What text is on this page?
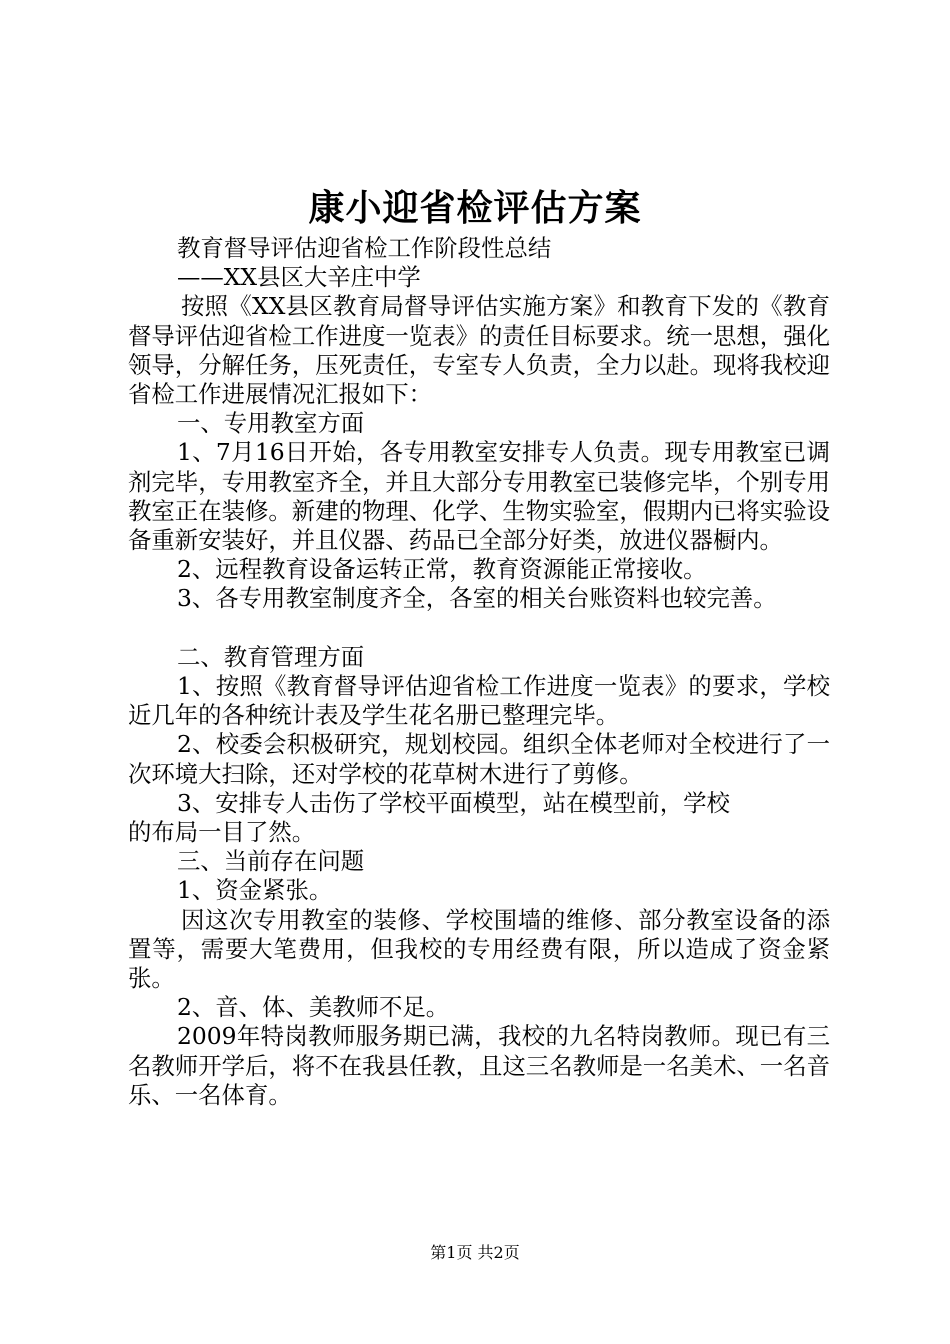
康小迎省检评估方案

教育督导评估迎省检工作阶段性总结

——XX县区大辛庄中学

按照《XX县区教育局督导评估实施方案》和教育下发的《教育督导评估迎省检工作进度一览表》的责任目标要求。统一思想，强化领导，分解任务，压死责任，专室专人负责，全力以赴。现将我校迎省检工作进展情况汇报如下：

一、专用教室方面

1、7月16日开始，各专用教室安排专人负责。现专用教室已调剂完毕，专用教室齐全，并且大部分专用教室已装修完毕，个别专用教室正在装修。新建的物理、化学、生物实验室，假期内已将实验设备重新安装好，并且仪器、药品已全部分好类，放进仪器橱内。

2、远程教育设备运转正常，教育资源能正常接收。

3、各专用教室制度齐全，各室的相关台账资料也较完善。

二、教育管理方面

1、按照《教育督导评估迎省检工作进度一览表》的要求，学校近几年的各种统计表及学生花名册已整理完毕。

2、校委会积极研究，规划校园。组织全体老师对全校进行了一次环境大扫除，还对学校的花草树木进行了剪修。

3、安排专人击伤了学校平面模型，站在模型前，学校

的布局一目了然。

三、当前存在问题

1、资金紧张。

因这次专用教室的装修、学校围墙的维修、部分教室设备的添置等，需要大笔费用，但我校的专用经费有限，所以造成了资金紧张。

2、音、体、美教师不足。

2009年特岗教师服务期已满，我校的九名特岗教师。现已有三名教师开学后，将不在我县任教，且这三名教师是一名美术、一名音乐、一名体育。

第1页 共2页
